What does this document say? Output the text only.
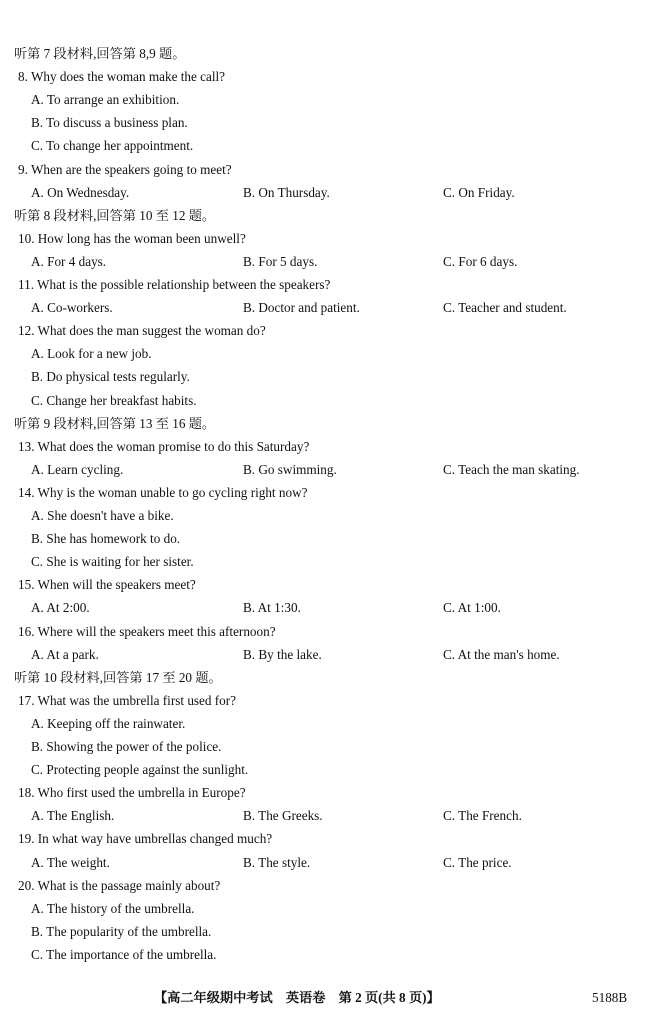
听第 7 段材料,回答第 8,9 题。
8. Why does the woman make the call?
A. To arrange an exhibition.
B. To discuss a business plan.
C. To change her appointment.
9. When are the speakers going to meet?
A. On Wednesday.	B. On Thursday.	C. On Friday.
听第 8 段材料,回答第 10 至 12 题。
10. How long has the woman been unwell?
A. For 4 days.	B. For 5 days.	C. For 6 days.
11. What is the possible relationship between the speakers?
A. Co-workers.	B. Doctor and patient.	C. Teacher and student.
12. What does the man suggest the woman do?
A. Look for a new job.
B. Do physical tests regularly.
C. Change her breakfast habits.
听第 9 段材料,回答第 13 至 16 题。
13. What does the woman promise to do this Saturday?
A. Learn cycling.	B. Go swimming.	C. Teach the man skating.
14. Why is the woman unable to go cycling right now?
A. She doesn't have a bike.
B. She has homework to do.
C. She is waiting for her sister.
15. When will the speakers meet?
A. At 2:00.	B. At 1:30.	C. At 1:00.
16. Where will the speakers meet this afternoon?
A. At a park.	B. By the lake.	C. At the man's home.
听第 10 段材料,回答第 17 至 20 题。
17. What was the umbrella first used for?
A. Keeping off the rainwater.
B. Showing the power of the police.
C. Protecting people against the sunlight.
18. Who first used the umbrella in Europe?
A. The English.	B. The Greeks.	C. The French.
19. In what way have umbrellas changed much?
A. The weight.	B. The style.	C. The price.
20. What is the passage mainly about?
A. The history of the umbrella.
B. The popularity of the umbrella.
C. The importance of the umbrella.
【高二年级期中考试　英语卷　第 2 页(共 8 页)】	5188B
